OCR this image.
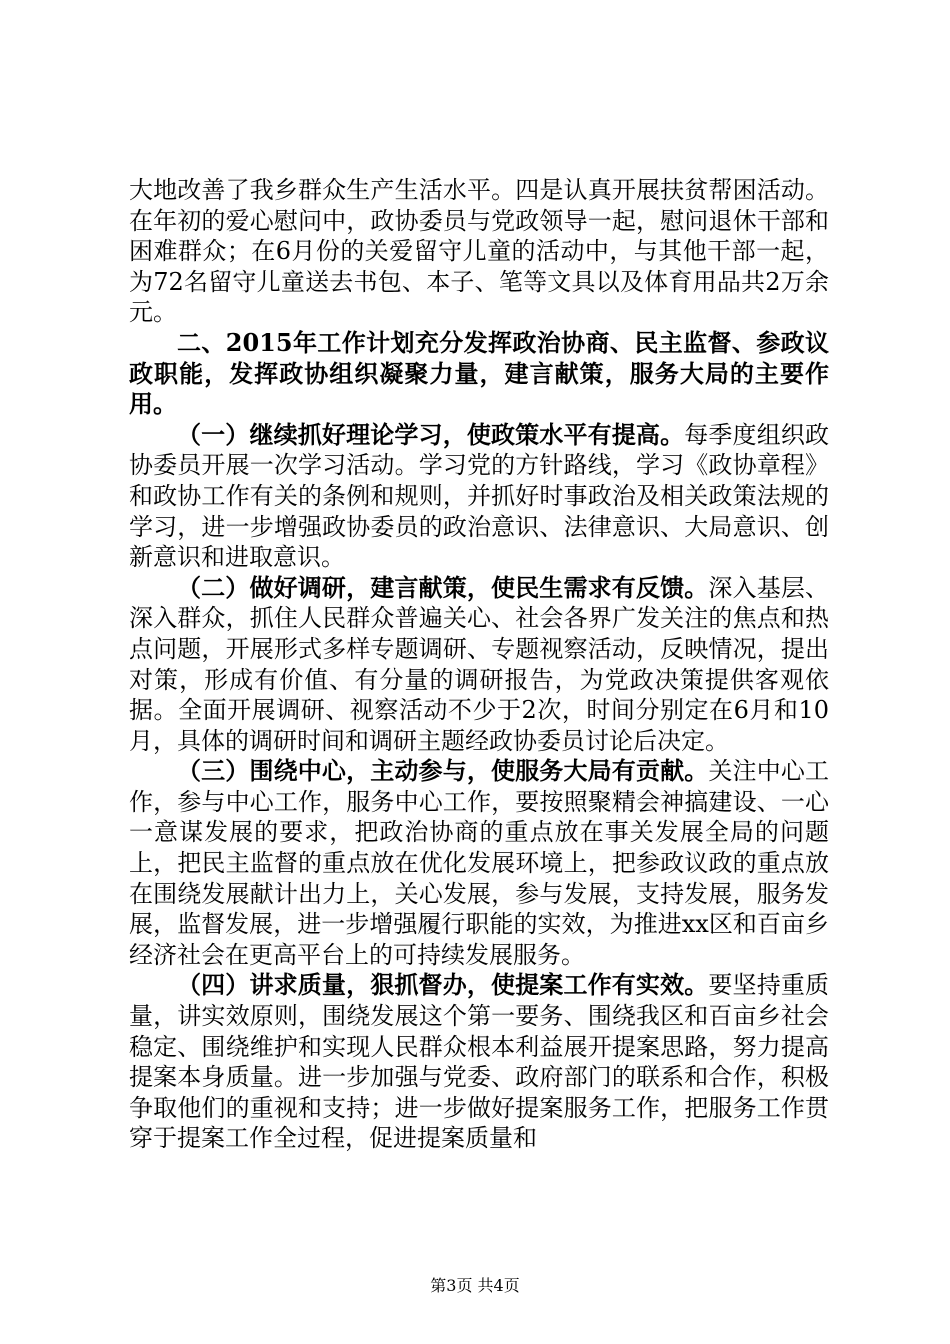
大地改善了我乡群众生产生活水平。四是认真开展扶贫帮困活动。在年初的爱心慰问中，政协委员与党政领导一起，慰问退休干部和困难群众；在6月份的关爱留守儿童的活动中，与其他干部一起，为72名留守儿童送去书包、本子、笔等文具以及体育用品共2万余元。

二、2015年工作计划充分发挥政治协商、民主监督、参政议政职能，发挥政协组织凝聚力量，建言献策，服务大局的主要作用。

（一）继续抓好理论学习，使政策水平有提高。每季度组织政协委员开展一次学习活动。学习党的方针路线，学习《政协章程》和政协工作有关的条例和规则，并抓好时事政治及相关政策法规的学习，进一步增强政协委员的政治意识、法律意识、大局意识、创新意识和进取意识。

（二）做好调研，建言献策，使民生需求有反馈。深入基层、深入群众，抓住人民群众普遍关心、社会各界广发关注的焦点和热点问题，开展形式多样专题调研、专题视察活动，反映情况，提出对策，形成有价值、有分量的调研报告，为党政决策提供客观依据。全面开展调研、视察活动不少于2次，时间分别定在6月和10月，具体的调研时间和调研主题经政协委员讨论后决定。

（三）围绕中心，主动参与，使服务大局有贡献。关注中心工作，参与中心工作，服务中心工作，要按照聚精会神搞建设、一心一意谋发展的要求，把政治协商的重点放在事关发展全局的问题上，把民主监督的重点放在优化发展环境上，把参政议政的重点放在围绕发展献计出力上，关心发展，参与发展，支持发展，服务发展，监督发展，进一步增强履行职能的实效，为推进xx区和百亩乡经济社会在更高平台上的可持续发展服务。

（四）讲求质量，狠抓督办，使提案工作有实效。要坚持重质量，讲实效原则，围绕发展这个第一要务、围绕我区和百亩乡社会稳定、围绕维护和实现人民群众根本利益展开提案思路，努力提高提案本身质量。进一步加强与党委、政府部门的联系和合作，积极争取他们的重视和支持；进一步做好提案服务工作，把服务工作贯穿于提案工作全过程，促进提案质量和

第3页 共4页
